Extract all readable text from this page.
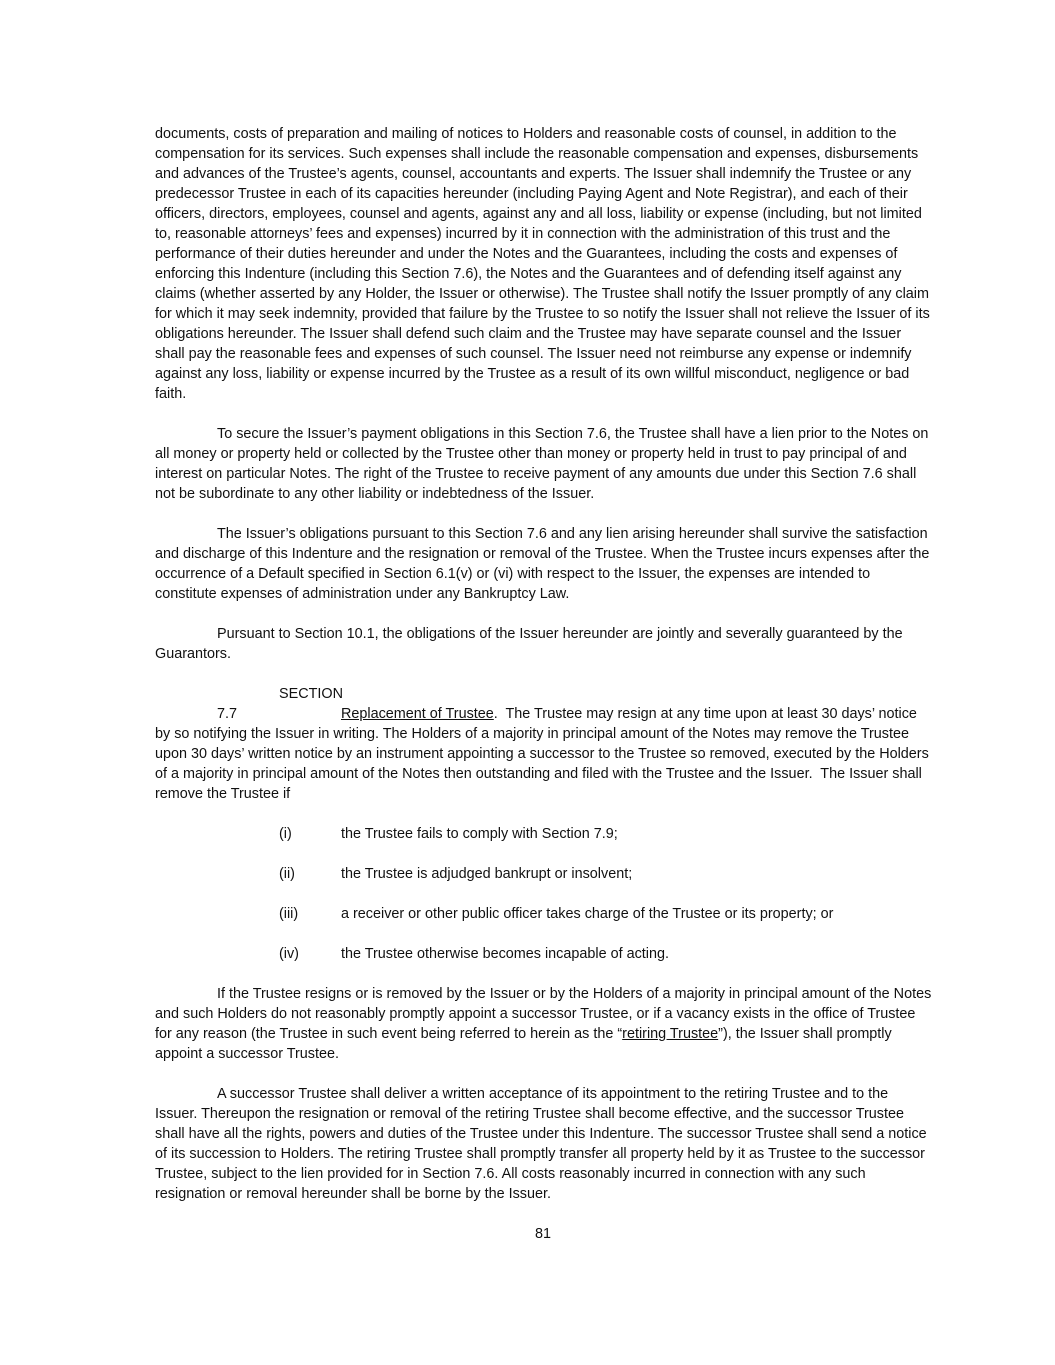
documents, costs of preparation and mailing of notices to Holders and reasonable costs of counsel, in addition to the compensation for its services. Such expenses shall include the reasonable compensation and expenses, disbursements and advances of the Trustee’s agents, counsel, accountants and experts. The Issuer shall indemnify the Trustee or any predecessor Trustee in each of its capacities hereunder (including Paying Agent and Note Registrar), and each of their officers, directors, employees, counsel and agents, against any and all loss, liability or expense (including, but not limited to, reasonable attorneys’ fees and expenses) incurred by it in connection with the administration of this trust and the performance of their duties hereunder and under the Notes and the Guarantees, including the costs and expenses of enforcing this Indenture (including this Section 7.6), the Notes and the Guarantees and of defending itself against any claims (whether asserted by any Holder, the Issuer or otherwise). The Trustee shall notify the Issuer promptly of any claim for which it may seek indemnity, provided that failure by the Trustee to so notify the Issuer shall not relieve the Issuer of its obligations hereunder. The Issuer shall defend such claim and the Trustee may have separate counsel and the Issuer shall pay the reasonable fees and expenses of such counsel. The Issuer need not reimburse any expense or indemnify against any loss, liability or expense incurred by the Trustee as a result of its own willful misconduct, negligence or bad faith.

To secure the Issuer’s payment obligations in this Section 7.6, the Trustee shall have a lien prior to the Notes on all money or property held or collected by the Trustee other than money or property held in trust to pay principal of and interest on particular Notes. The right of the Trustee to receive payment of any amounts due under this Section 7.6 shall not be subordinate to any other liability or indebtedness of the Issuer.

The Issuer’s obligations pursuant to this Section 7.6 and any lien arising hereunder shall survive the satisfaction and discharge of this Indenture and the resignation or removal of the Trustee. When the Trustee incurs expenses after the occurrence of a Default specified in Section 6.1(v) or (vi) with respect to the Issuer, the expenses are intended to constitute expenses of administration under any Bankruptcy Law.

Pursuant to Section 10.1, the obligations of the Issuer hereunder are jointly and severally guaranteed by the Guarantors.

SECTION 7.7	Replacement of Trustee.  The Trustee may resign at any time upon at least 30 days’ notice by so notifying the Issuer in writing. The Holders of a majority in principal amount of the Notes may remove the Trustee upon 30 days’ written notice by an instrument appointing a successor to the Trustee so removed, executed by the Holders of a majority in principal amount of the Notes then outstanding and filed with the Trustee and the Issuer.  The Issuer shall remove the Trustee if

(i)	the Trustee fails to comply with Section 7.9;
(ii)	the Trustee is adjudged bankrupt or insolvent;
(iii)	a receiver or other public officer takes charge of the Trustee or its property; or
(iv)	the Trustee otherwise becomes incapable of acting.

If the Trustee resigns or is removed by the Issuer or by the Holders of a majority in principal amount of the Notes and such Holders do not reasonably promptly appoint a successor Trustee, or if a vacancy exists in the office of Trustee for any reason (the Trustee in such event being referred to herein as the “retiring Trustee”), the Issuer shall promptly appoint a successor Trustee.

A successor Trustee shall deliver a written acceptance of its appointment to the retiring Trustee and to the Issuer. Thereupon the resignation or removal of the retiring Trustee shall become effective, and the successor Trustee shall have all the rights, powers and duties of the Trustee under this Indenture. The successor Trustee shall send a notice of its succession to Holders. The retiring Trustee shall promptly transfer all property held by it as Trustee to the successor Trustee, subject to the lien provided for in Section 7.6. All costs reasonably incurred in connection with any such resignation or removal hereunder shall be borne by the Issuer.

81
